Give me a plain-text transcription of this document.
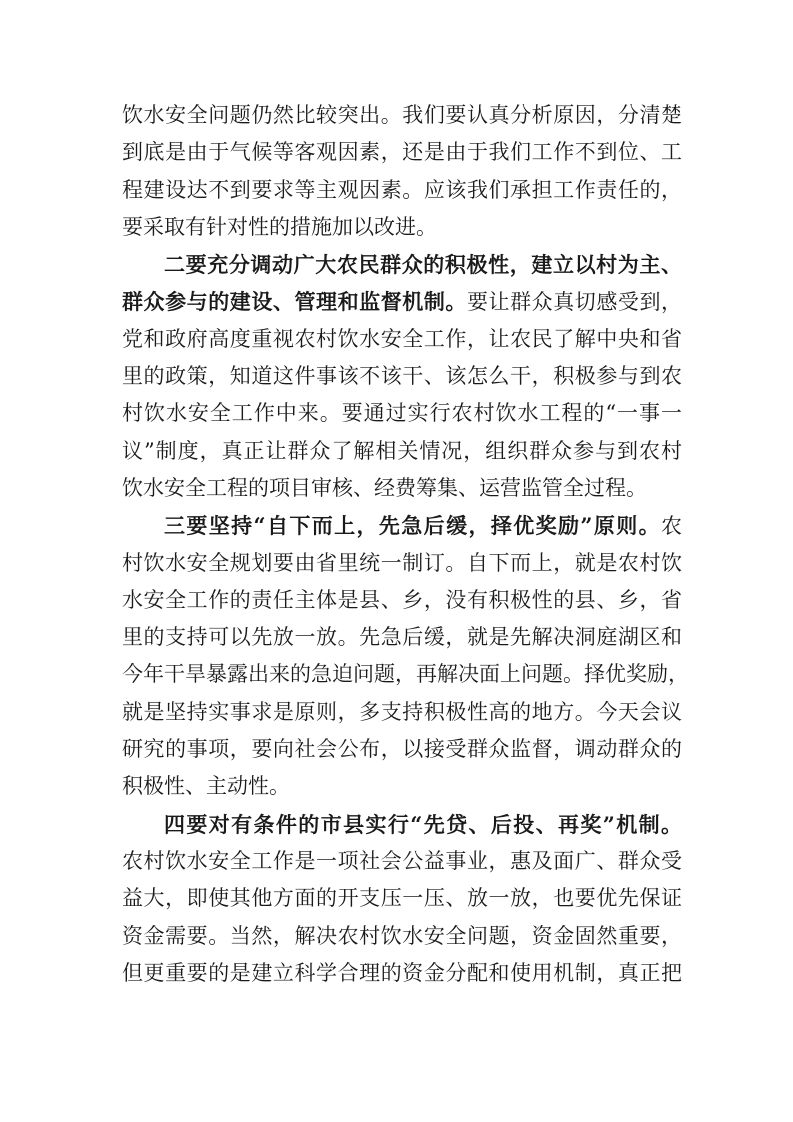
饮水安全问题仍然比较突出。我们要认真分析原因，分清楚
到底是由于气候等客观因素，还是由于我们工作不到位、工
程建设达不到要求等主观因素。应该我们承担工作责任的，
要采取有针对性的措施加以改进。
二要充分调动广大农民群众的积极性，建立以村为主、
群众参与的建设、管理和监督机制。要让群众真切感受到，
党和政府高度重视农村饮水安全工作，让农民了解中央和省
里的政策，知道这件事该不该干、该怎么干，积极参与到农
村饮水安全工作中来。要通过实行农村饮水工程的“一事一
议”制度，真正让群众了解相关情况，组织群众参与到农村
饮水安全工程的项目审核、经费筹集、运营监管全过程。
三要坚持“自下而上，先急后缓，择优奖励”原则。农
村饮水安全规划要由省里统一制订。自下而上，就是农村饮
水安全工作的责任主体是县、乡，没有积极性的县、乡，省
里的支持可以先放一放。先急后缓，就是先解决洞庭湖区和
今年干旱暴露出来的急迫问题，再解决面上问题。择优奖励，
就是坚持实事求是原则，多支持积极性高的地方。今天会议
研究的事项，要向社会公布，以接受群众监督，调动群众的
积极性、主动性。
四要对有条件的市县实行“先贷、后投、再奖”机制。
农村饮水安全工作是一项社会公益事业，惠及面广、群众受
益大，即使其他方面的开支压一压、放一放，也要优先保证
资金需要。当然，解决农村饮水安全问题，资金固然重要，
但更重要的是建立科学合理的资金分配和使用机制，真正把
